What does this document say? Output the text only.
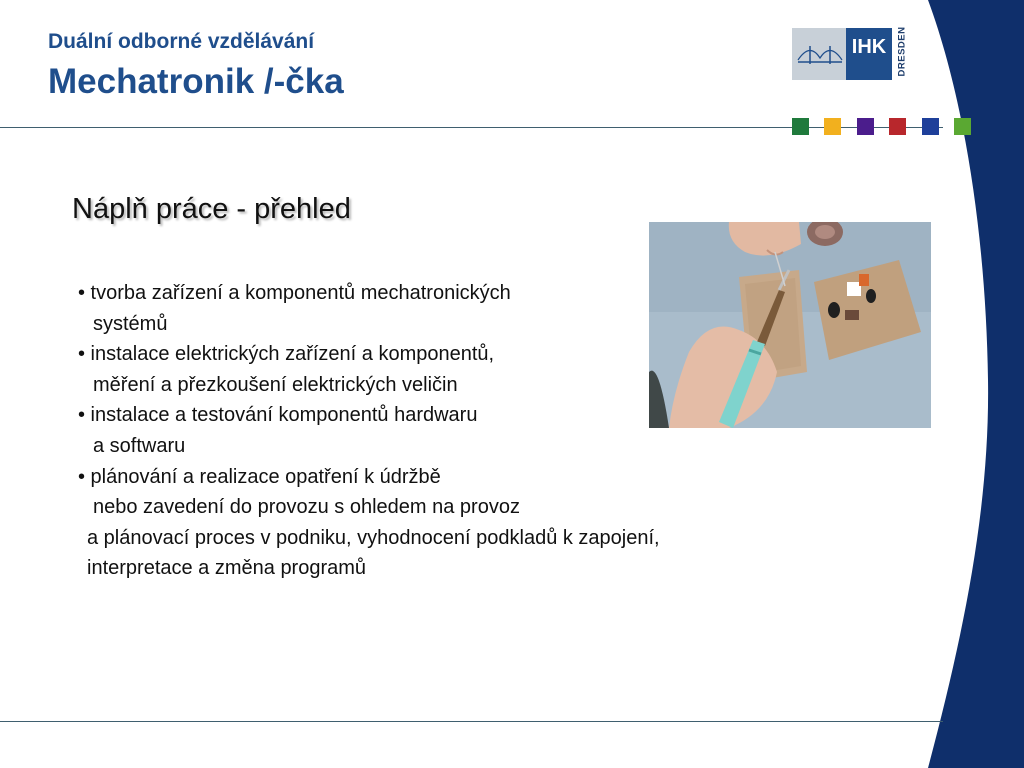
Duální odborné vzdělávání
Mechatronik /-čka
IHK	DRESDEN
Náplň práce - přehled
• tvorba zařízení a komponentů mechatronických
systémů
• instalace elektrických zařízení a komponentů,
měření a přezkoušení elektrických veličin
• instalace a testování komponentů hardwaru
a softwaru
• plánování a realizace opatření k údržbě
nebo zavedení do provozu s ohledem na provoz
a plánovací proces v podniku, vyhodnocení podkladů k zapojení,
interpretace a změna programů
